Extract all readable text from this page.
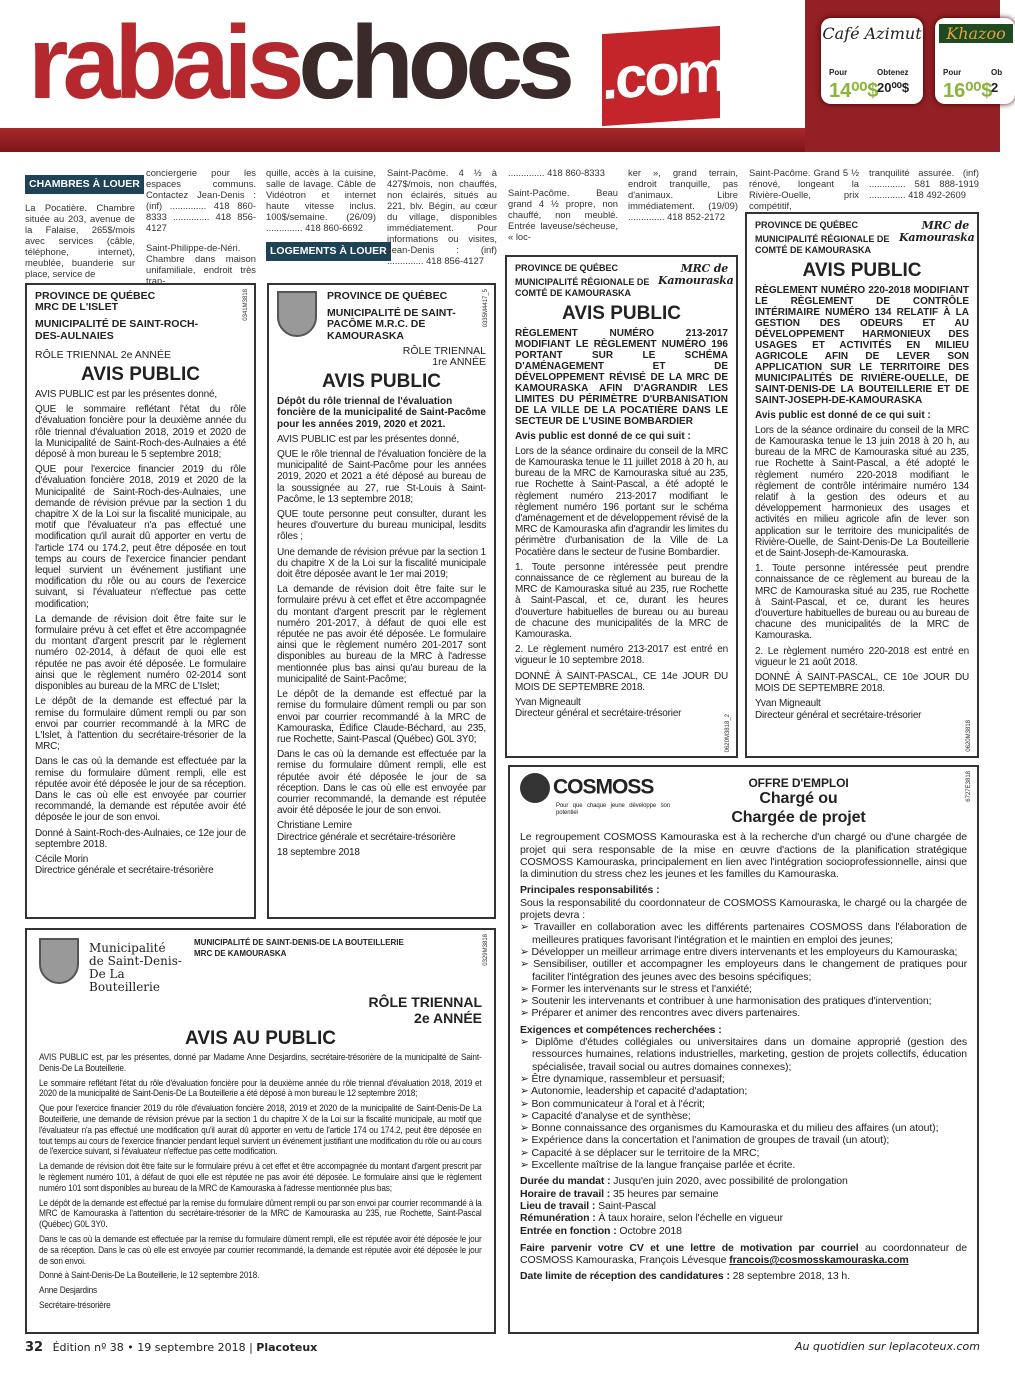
rabaischocs .com
Café Azimut
Pour	Obtenez
14⁰⁰$
20⁰⁰$
Khazoo
Pour	Ob
16⁰⁰$
2
CHAMBRES À LOUER

La Pocatière. Chambre située au 203, avenue de la Falaise, 265$/mois avec services (câble, téléphone, internet), meublée, buanderie sur place, service de

conciergerie pour les espaces communs. Contactez Jean-Denis : (inf) .............. 418 860-8333 .............. 418 856-4127

Saint-Philippe-de-Néri. Chambre dans maison unifamiliale, endroit très tran-

quille, accès à la cuisine, salle de lavage. Câble de Vidéotron et internet haute vitesse inclus. 100$/semaine. (26/09) .............. 418 860-6692

LOGEMENTS À LOUER

Saint-Pacôme. 4 ½ à 427$/mois, non chauffés, non éclairés, situés au 221, blv. Bégin, au cœur du village, disponibles immédiatement. Pour informations ou visites, Jean-Denis : (inf) .............. 418 856-4127

.............. 418 860-8333

Saint-Pacôme. Beau grand 4 ½ propre, non chauffé, non meublé. Entrée laveuse/sécheuse, « loc-

ker », grand terrain, endroit tranquille, pas d'animaux. Libre immédiatement. (19/09) .............. 418 852-2172

Saint-Pacôme. Grand 5 ½ rénové, longeant la Rivière-Ouelle, prix compétitif,

tranquilité assurée. (inf) .............. 581 888-1919 .............. 418 492-2609

0341M3818
PROVINCE DE QUÉBEC
MRC DE L'ISLET
MUNICIPALITÉ DE SAINT-ROCH-DES-AULNAIES
RÔLE TRIENNAL 2e ANNÉE
AVIS PUBLIC

AVIS PUBLIC est par les présentes donné,

QUE le sommaire reflétant l'état du rôle d'évaluation foncière pour la deuxième année du rôle triennal d'évaluation 2018, 2019 et 2020 de la Municipalité de Saint-Roch-des-Aulnaies a été déposé à mon bureau le 5 septembre 2018;

QUE pour l'exercice financier 2019 du rôle d'évaluation foncière 2018, 2019 et 2020 de la Municipalité de Saint-Roch-des-Aulnaies, une demande de révision prévue par la section 1 du chapitre X de la Loi sur la fiscalité municipale, au motif que l'évaluateur n'a pas effectué une modification qu'il aurait dû apporter en vertu de l'article 174 ou 174.2, peut être déposée en tout temps au cours de l'exercice financier pendant lequel survient un événement justifiant une modification du rôle ou au cours de l'exercice suivant, si l'évaluateur n'effectue pas cette modification;

La demande de révision doit être faite sur le formulaire prévu à cet effet et être accompagnée du montant d'argent prescrit par le règlement numéro 02-2014, à défaut de quoi elle est réputée ne pas avoir été déposée. Le formulaire ainsi que le règlement numéro 02-2014 sont disponibles au bureau de la MRC de L'Islet;

Le dépôt de la demande est effectué par la remise du formulaire dûment rempli ou par son envoi par courrier recommandé à la MRC de L'Islet, à l'attention du secrétaire-trésorier de la MRC;

Dans le cas où la demande est effectuée par la remise du formulaire dûment rempli, elle est réputée avoir été déposée le jour de sa réception. Dans le cas où elle est envoyée par courrier recommandé, la demande est réputée avoir été déposée le jour de son envoi.

Donné à Saint-Roch-des-Aulnaies, ce 12e jour de septembre 2018.

Cécile Morin
Directrice générale et secrétaire-trésorière
0335M4417_5
PROVINCE DE QUÉBEC
MUNICIPALITÉ DE SAINT-PACÔME M.R.C. DE KAMOURASKA
RÔLE TRIENNAL 1re ANNÉE
AVIS PUBLIC

Dépôt du rôle triennal de l'évaluation foncière de la municipalité de Saint-Pacôme pour les années 2019, 2020 et 2021.

AVIS PUBLIC est par les présentes donné,

QUE le rôle triennal de l'évaluation foncière de la municipalité de Saint-Pacôme pour les années 2019, 2020 et 2021 a été déposé au bureau de la soussignée au 27, rue St-Louis à Saint-Pacôme, le 13 septembre 2018;

QUE toute personne peut consulter, durant les heures d'ouverture du bureau municipal, lesdits rôles ;

Une demande de révision prévue par la section 1 du chapitre X de la Loi sur la fiscalité municipale doit être déposée avant le 1er mai 2019;

La demande de révision doit être faite sur le formulaire prévu à cet effet et être accompagnée du montant d'argent prescrit par le règlement numéro 201-2017, à défaut de quoi elle est réputée ne pas avoir été déposée. Le formulaire ainsi que le règlement numéro 201-2017 sont disponibles au bureau de la MRC à l'adresse mentionnée plus bas ainsi qu'au bureau de la municipalité de Saint-Pacôme;

Le dépôt de la demande est effectué par la remise du formulaire dûment rempli ou par son envoi par courrier recommandé à la MRC de Kamouraska, Édifice Claude-Béchard, au 235, rue Rochette, Saint-Pascal (Québec) G0L 3Y0;

Dans le cas où la demande est effectuée par la remise du formulaire dûment rempli, elle est réputée avoir été déposée le jour de sa réception. Dans le cas où elle est envoyée par courrier recommandé, la demande est réputée avoir été déposée le jour de son envoi.

Christiane Lemire
Directrice générale et secrétaire-trésorière
18 septembre 2018
0620M3818_2
PROVINCE DE QUÉBEC
MUNICIPALITÉ RÉGIONALE DE COMTÉ DE KAMOURASKA
MRC de Kamouraska
AVIS PUBLIC

RÈGLEMENT NUMÉRO 213-2017 MODIFIANT LE RÈGLEMENT NUMÉRO 196 PORTANT SUR LE SCHÉMA D'AMÉNAGEMENT ET DE DÉVELOPPEMENT RÉVISÉ DE LA MRC DE KAMOURASKA AFIN D'AGRANDIR LES LIMITES DU PÉRIMÈTRE D'URBANISATION DE LA VILLE DE LA POCATIÈRE DANS LE SECTEUR DE L'USINE BOMBARDIER

Avis public est donné de ce qui suit :

Lors de la séance ordinaire du conseil de la MRC de Kamouraska tenue le 11 juillet 2018 à 20 h, au bureau de la MRC de Kamouraska situé au 235, rue Rochette à Saint-Pascal, a été adopté le règlement numéro 213-2017 modifiant le règlement numéro 196 portant sur le schéma d'aménagement et de développement révisé de la MRC de Kamouraska afin d'agrandir les limites du périmètre d'urbanisation de la Ville de La Pocatière dans le secteur de l'usine Bombardier.

1. Toute personne intéressée peut prendre connaissance de ce règlement au bureau de la MRC de Kamouraska situé au 235, rue Rochette à Saint-Pascal, et ce, durant les heures d'ouverture habituelles de bureau ou au bureau de chacune des municipalités de la MRC de Kamouraska.

2. Le règlement numéro 213-2017 est entré en vigueur le 10 septembre 2018.

DONNÉ À SAINT-PASCAL, CE 14e JOUR DU MOIS DE SEPTEMBRE 2018.

Yvan Migneault
Directeur général et secrétaire-trésorier
0620M3818
PROVINCE DE QUÉBEC
MUNICIPALITÉ RÉGIONALE DE COMTÉ DE KAMOURASKA
MRC de Kamouraska
AVIS PUBLIC

RÈGLEMENT NUMÉRO 220-2018 MODIFIANT LE RÈGLEMENT DE CONTRÔLE INTÉRIMAIRE NUMÉRO 134 RELATIF À LA GESTION DES ODEURS ET AU DÉVELOPPEMENT HARMONIEUX DES USAGES ET ACTIVITÉS EN MILIEU AGRICOLE AFIN DE LEVER SON APPLICATION SUR LE TERRITOIRE DES MUNICIPALITÉS DE RIVIÈRE-OUELLE, DE SAINT-DENIS-DE LA BOUTEILLERIE ET DE SAINT-JOSEPH-DE-KAMOURASKA

Avis public est donné de ce qui suit :

Lors de la séance ordinaire du conseil de la MRC de Kamouraska tenue le 13 juin 2018 à 20 h, au bureau de la MRC de Kamouraska situé au 235, rue Rochette à Saint-Pascal, a été adopté le règlement numéro 220-2018 modifiant le règlement de contrôle intérimaire numéro 134 relatif à la gestion des odeurs et au développement harmonieux des usages et activités en milieu agricole afin de lever son application sur le territoire des municipalités de Rivière-Ouelle, de Saint-Denis-De La Bouteillerie et de Saint-Joseph-de-Kamouraska.

1. Toute personne intéressée peut prendre connaissance de ce règlement au bureau de la MRC de Kamouraska situé au 235, rue Rochette à Saint-Pascal, et ce, durant les heures d'ouverture habituelles de bureau ou au bureau de chacune des municipalités de la MRC de Kamouraska.

2. Le règlement numéro 220-2018 est entré en vigueur le 21 août 2018.

DONNÉ À SAINT-PASCAL, CE 10e JOUR DU MOIS DE SEPTEMBRE 2018.

Yvan Migneault
Directeur général et secrétaire-trésorier
0329M3818
Municipalité de Saint-Denis- De La Bouteillerie
MUNICIPALITÉ DE SAINT-DENIS-DE LA BOUTEILLERIE
MRC DE KAMOURASKA
RÔLE TRIENNAL
2e ANNÉE
AVIS AU PUBLIC

AVIS PUBLIC est, par les présentes, donné par Madame Anne Desjardins, secrétaire-trésorière de la municipalité de Saint-Denis-De La Bouteillerie.

Le sommaire reflétant l'état du rôle d'évaluation foncière pour la deuxième année du rôle triennal d'évaluation 2018, 2019 et 2020 de la municipalité de Saint-Denis-De La Bouteillerie a été déposé à mon bureau le 12 septembre 2018;

Que pour l'exercice financier 2019 du rôle d'évaluation foncière 2018, 2019 et 2020 de la municipalité de Saint-Denis-De La Bouteillerie, une demande de révision prévue par la section 1 du chapitre X de la Loi sur la fiscalité municipale, au motif que l'évaluateur n'a pas effectué une modification qu'il aurait dû apporter en vertu de l'article 174 ou 174.2, peut être déposée en tout temps au cours de l'exercice financier pendant lequel survient un événement justifiant une modification du rôle ou au cours de l'exercice suivant, si l'évaluateur n'effectue pas cette modification.

La demande de révision doit être faite sur le formulaire prévu à cet effet et être accompagnée du montant d'argent prescrit par le règlement numéro 101, à défaut de quoi elle est réputée ne pas avoir été déposée. Le formulaire ainsi que le règlement numéro 101 sont disponibles au bureau de la MRC de Kamouraska à l'adresse mentionnée plus bas;

Le dépôt de la demande est effectué par la remise du formulaire dûment rempli ou par son envoi par courrier recommandé à la MRC de Kamouraska à l'attention du secrétaire-trésorier de la MRC de Kamouraska au 235, rue Rochette, Saint-Pascal (Québec) G0L 3Y0.

Dans le cas où la demande est effectuée par la remise du formulaire dûment rempli, elle est réputée avoir été déposée le jour de sa réception. Dans le cas où elle est envoyée par courrier recommandé, la demande est réputée avoir été déposée le jour de son envoi.

Donné à Saint-Denis-De La Bouteillerie, le 12 septembre 2018.

Anne Desjardins

Secrétaire-trésorière

6727E3818
COSMOSS
Pour que chaque jeune développe son potentiel
OFFRE D'EMPLOI
Chargé ou Chargée de projet

Le regroupement COSMOSS Kamouraska est à la recherche d'un chargé ou d'une chargée de projet qui sera responsable de la mise en œuvre d'actions de la planification stratégique COSMOSS Kamouraska, principalement en lien avec l'intégration socioprofessionnelle, ainsi que la diminution du stress chez les jeunes et les familles du Kamouraska.

Principales responsabilités :
Sous la responsabilité du coordonnateur de COSMOSS Kamouraska, le chargé ou la chargée de projets devra :
➢ Travailler en collaboration avec les différents partenaires COSMOSS dans l'élaboration de meilleures pratiques favorisant l'intégration et le maintien en emploi des jeunes;
➢ Développer un meilleur arrimage entre divers intervenants et les employeurs du Kamouraska;
➢ Sensibiliser, outiller et accompagner les employeurs dans le changement de pratiques pour faciliter l'intégration des jeunes avec des besoins spécifiques;
➢ Former les intervenants sur le stress et l'anxiété;
➢ Soutenir les intervenants et contribuer à une harmonisation des pratiques d'intervention;
➢ Préparer et animer des rencontres avec divers partenaires.
Exigences et compétences recherchées :
➢ Diplôme d'études collégiales ou universitaires dans un domaine approprié (gestion des ressources humaines, relations industrielles, marketing, gestion de projets collectifs, éducation spécialisée, travail social ou autres domaines connexes);
➢ Être dynamique, rassembleur et persuasif;
➢ Autonomie, leadership et capacité d'adaptation;
➢ Bon communicateur à l'oral et à l'écrit;
➢ Capacité d'analyse et de synthèse;
➢ Bonne connaissance des organismes du Kamouraska et du milieu des affaires (un atout);
➢ Expérience dans la concertation et l'animation de groupes de travail (un atout);
➢ Capacité à se déplacer sur le territoire de la MRC;
➢ Excellente maîtrise de la langue française parlée et écrite.
Durée du mandat : Jusqu'en juin 2020, avec possibilité de prolongation
Horaire de travail : 35 heures par semaine
Lieu de travail : Saint-Pascal
Rémunération : À taux horaire, selon l'échelle en vigueur
Entrée en fonction : Octobre 2018

Faire parvenir votre CV et une lettre de motivation par courriel au coordonnateur de COSMOSS Kamouraska, François Lévesque francois@cosmosskamouraska.com

Date limite de réception des candidatures : 28 septembre 2018, 13 h.

32 Édition nº 38 • 19 septembre 2018 | Placoteux	Au quotidien sur leplacoteux.com
